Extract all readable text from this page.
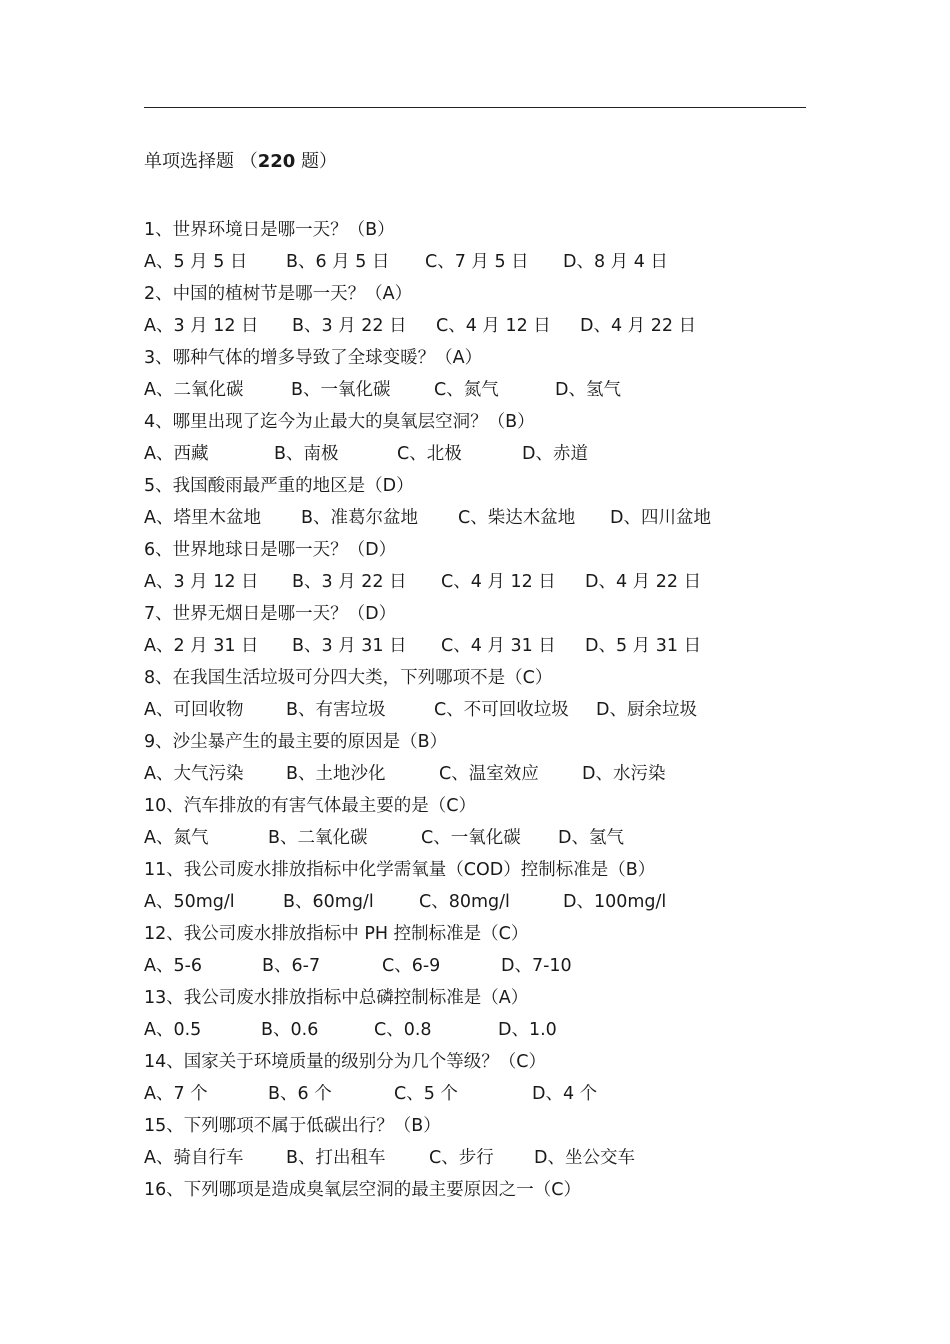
单项选择题 （220 题）
1、世界环境日是哪一天？（B）
A、5 月 5 日 B、6 月 5 日 C、7 月 5 日 D、8 月 4 日
2、中国的植树节是哪一天？（A）
A、3 月 12 日 B、3 月 22 日 C、4 月 12 日 D、4 月 22 日
3、哪种气体的增多导致了全球变暖？（A）
A、二氧化碳	B、一氧化碳 C、氮气	D、氢气
4、哪里出现了迄今为止最大的臭氧层空洞？（B）
A、西藏	B、南极	C、北极	D、赤道
5、我国酸雨最严重的地区是（D）
A、塔里木盆地 B、准葛尔盆地 C、柴达木盆地 D、四川盆地
6、世界地球日是哪一天？（D）
A、3 月 12 日 B、3 月 22 日 C、4 月 12 日 D、4 月 22 日
7、世界无烟日是哪一天？（D）
A、2 月 31 日 B、3 月 31 日 C、4 月 31 日 D、5 月 31 日
8、在我国生活垃圾可分四大类，下列哪项不是（C）
A、可回收物 B、有害垃圾	C、不可回收垃圾 D、厨余垃圾
9、沙尘暴产生的最主要的原因是（B）
A、大气污染 B、土地沙化	C、温室效应 D、水污染
10、汽车排放的有害气体最主要的是（C）
A、氮气	B、二氧化碳	C、一氧化碳 D、氢气
11、我公司废水排放指标中化学需氧量（COD）控制标准是（B）
A、50mg/l	B、60mg/l	C、80mg/l	D、100mg/l
12、我公司废水排放指标中 PH 控制标准是（C）
A、5-6	B、6-7	C、6-9	D、7-10
13、我公司废水排放指标中总磷控制标准是（A）
A、0.5	B、0.6	C、0.8	D、1.0
14、国家关于环境质量的级别分为几个等级？（C）
A、7 个	B、6 个	C、5 个	D、4 个
15、下列哪项不属于低碳出行？（B）
A、骑自行车 B、打出租车 C、步行 D、坐公交车
16、下列哪项是造成臭氧层空洞的最主要原因之一（C）
